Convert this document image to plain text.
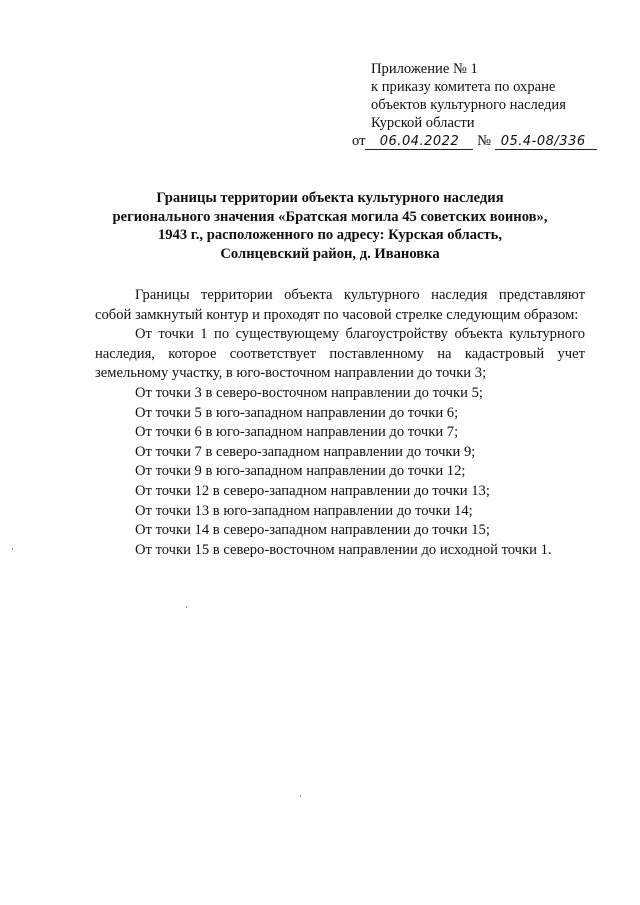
Приложение № 1
к приказу комитета по охране
объектов культурного наследия
Курской области
от 06.04.2022 № 05.4-08/336
Границы территории объекта культурного наследия
регионального значения «Братская могила 45 советских воинов»,
1943 г., расположенного по адресу: Курская область,
Солнцевский район, д. Ивановка

Границы территории объекта культурного наследия представляют собой замкнутый контур и проходят по часовой стрелке следующим образом:

От точки 1 по существующему благоустройству объекта культурного наследия, которое соответствует поставленному на кадастровый учет земельному участку, в юго-восточном направлении до точки 3;

От точки 3 в северо-восточном направлении до точки 5;

От точки 5 в юго-западном направлении до точки 6;

От точки 6 в юго-западном направлении до точки 7;

От точки 7 в северо-западном направлении до точки 9;

От точки 9 в юго-западном направлении до точки 12;

От точки 12 в северо-западном направлении до точки 13;

От точки 13 в юго-западном направлении до точки 14;

От точки 14 в северо-западном направлении до точки 15;

От точки 15 в северо-восточном направлении до исходной точки 1.
